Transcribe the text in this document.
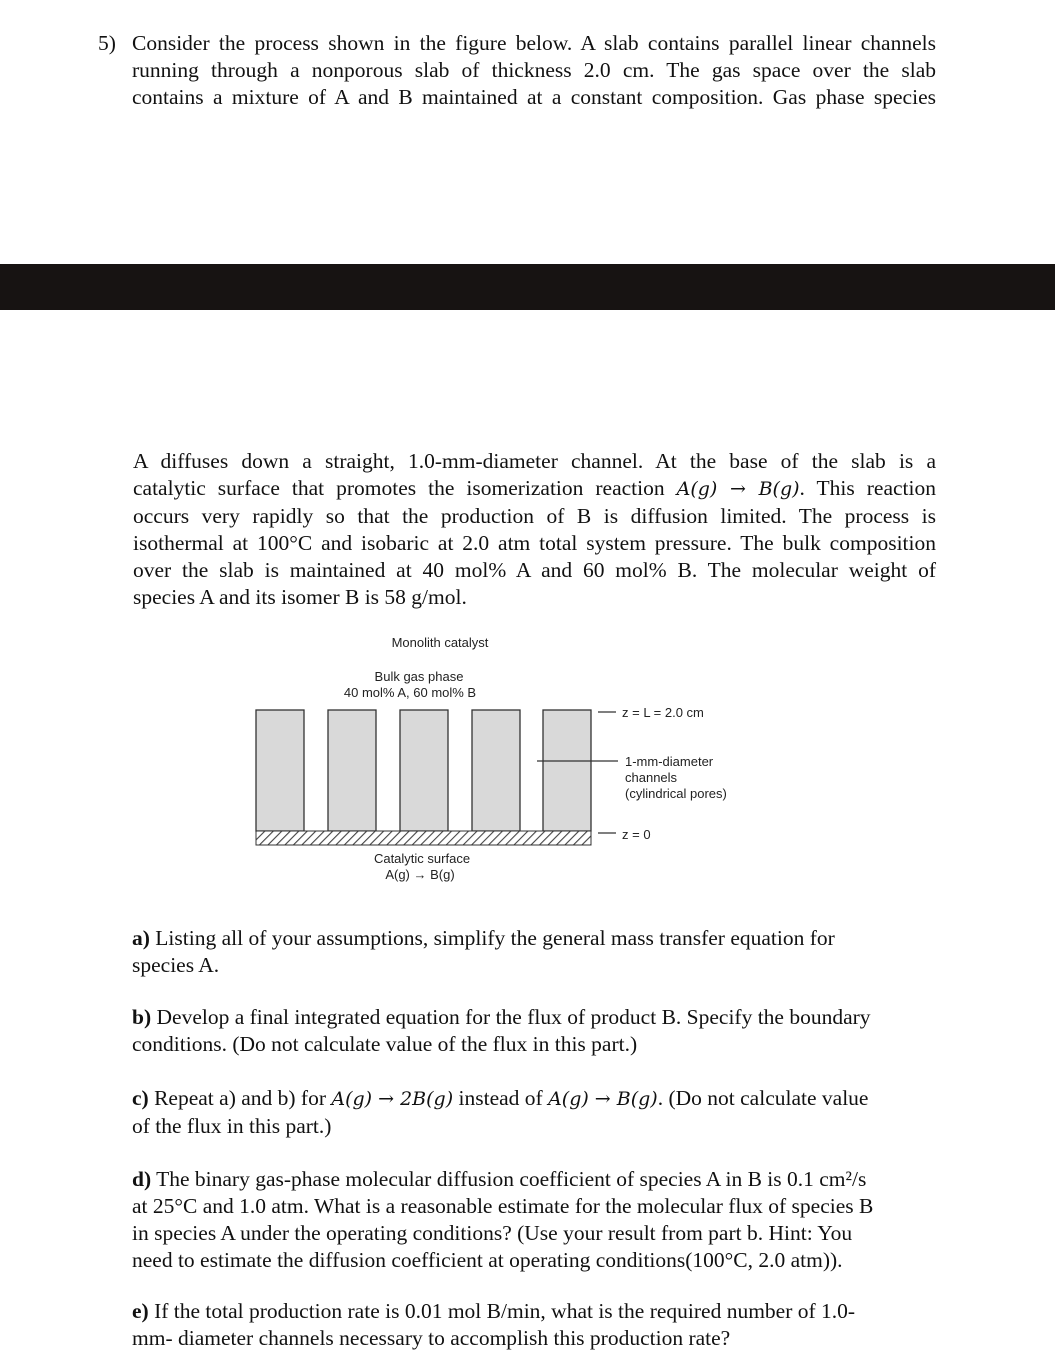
5) Consider the process shown in the figure below. A slab contains parallel linear channels
running through a nonporous slab of thickness 2.0 cm. The gas space over the slab
contains a mixture of A and B maintained at a constant composition. Gas phase species
A diffuses down a straight, 1.0-mm-diameter channel. At the base of the slab is a
catalytic surface that promotes the isomerization reaction A(g) → B(g). This reaction
occurs very rapidly so that the production of B is diffusion limited. The process is
isothermal at 100°C and isobaric at 2.0 atm total system pressure. The bulk composition
over the slab is maintained at 40 mol% A and 60 mol% B. The molecular weight of
species A and its isomer B is 58 g/mol.
Monolith catalyst
Bulk gas phase
40 mol% A, 60 mol% B
z = L = 2.0 cm
1-mm-diameter
channels
(cylindrical pores)
z = 0
Catalytic surface
A(g) → B(g)
a) Listing all of your assumptions, simplify the general mass transfer equation for
species A.
b) Develop a final integrated equation for the flux of product B. Specify the boundary
conditions. (Do not calculate value of the flux in this part.)
c) Repeat a) and b) for A(g) → 2B(g) instead of A(g) → B(g). (Do not calculate value
of the flux in this part.)
d) The binary gas-phase molecular diffusion coefficient of species A in B is 0.1 cm²/s
at 25°C and 1.0 atm. What is a reasonable estimate for the molecular flux of species B
in species A under the operating conditions? (Use your result from part b. Hint: You
need to estimate the diffusion coefficient at operating conditions(100°C, 2.0 atm)).
e) If the total production rate is 0.01 mol B/min, what is the required number of 1.0-
mm- diameter channels necessary to accomplish this production rate?
